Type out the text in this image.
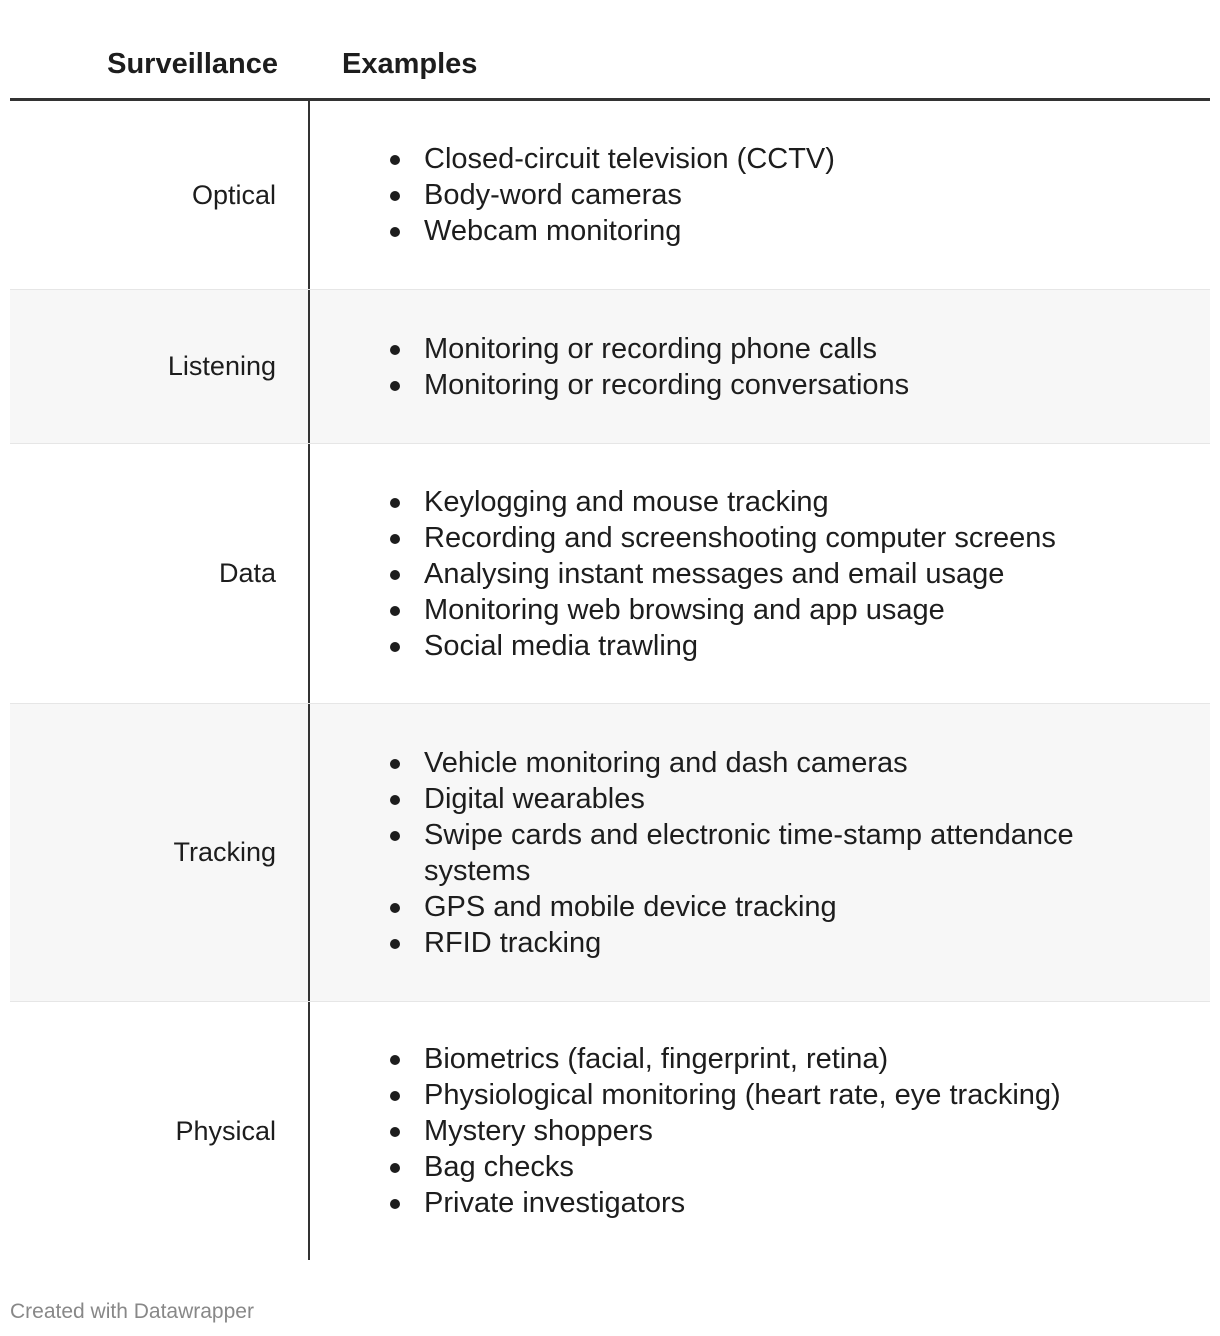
Surveillance	Examples
Optical
Closed-circuit television (CCTV)
Body-word cameras
Webcam monitoring
Listening
Monitoring or recording phone calls
Monitoring or recording conversations
Data
Keylogging and mouse tracking
Recording and screenshooting computer screens
Analysing instant messages and email usage
Monitoring web browsing and app usage
Social media trawling
Tracking
Vehicle monitoring and dash cameras
Digital wearables
Swipe cards and electronic time-stamp attendance systems
GPS and mobile device tracking
RFID tracking
Physical
Biometrics (facial, fingerprint, retina)
Physiological monitoring (heart rate, eye tracking)
Mystery shoppers
Bag checks
Private investigators
Created with Datawrapper
